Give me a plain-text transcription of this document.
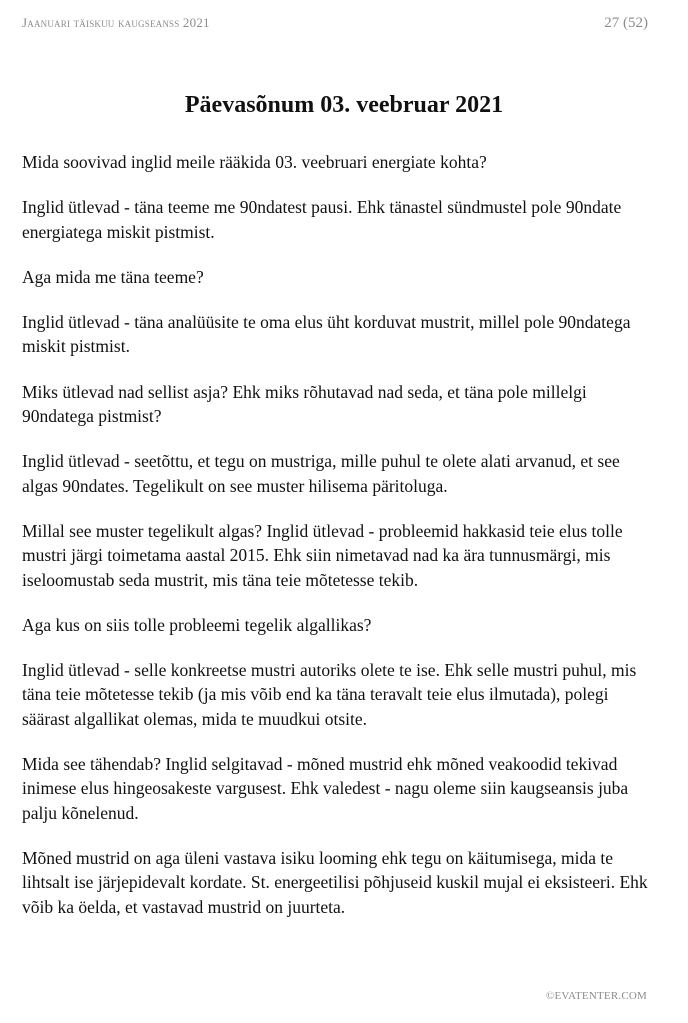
Jaanuari täiskuu kaugseanss 2021	27 (52)
Päevasõnum 03. veebruar 2021

Mida soovivad inglid meile rääkida 03. veebruari energiate kohta?

Inglid ütlevad - täna teeme me 90ndatest pausi. Ehk tänastel sündmustel pole 90ndate energiatega miskit pistmist.

Aga mida me täna teeme?

Inglid ütlevad - täna analüüsite te oma elus üht korduvat mustrit, millel pole 90ndatega miskit pistmist.

Miks ütlevad nad sellist asja? Ehk miks rõhutavad nad seda, et täna pole millelgi 90ndatega pistmist?

Inglid ütlevad - seetõttu, et tegu on mustriga, mille puhul te olete alati arvanud, et see algas 90ndates. Tegelikult on see muster hilisema päritoluga.

Millal see muster tegelikult algas? Inglid ütlevad - probleemid hakkasid teie elus tolle mustri järgi toimetama aastal 2015. Ehk siin nimetavad nad ka ära tunnusmärgi, mis iseloomustab seda mustrit, mis täna teie mõtetesse tekib.

Aga kus on siis tolle probleemi tegelik algallikas?

Inglid ütlevad - selle konkreetse mustri autoriks olete te ise. Ehk selle mustri puhul, mis täna teie mõtetesse tekib (ja mis võib end ka täna teravalt teie elus ilmutada), polegi säärast algallikat olemas, mida te muudkui otsite.

Mida see tähendab? Inglid selgitavad - mõned mustrid ehk mõned veakoodid tekivad inimese elus hingeosakeste vargusest. Ehk valedest - nagu oleme siin kaugseansis juba palju kõnelenud.

Mõned mustrid on aga üleni vastava isiku looming ehk tegu on käitumisega, mida te lihtsalt ise järjepidevalt kordate. St. energeetilisi põhjuseid kuskil mujal ei eksisteeri. Ehk võib ka öelda, et vastavad mustrid on juurteta.

©EVATENTER.COM
